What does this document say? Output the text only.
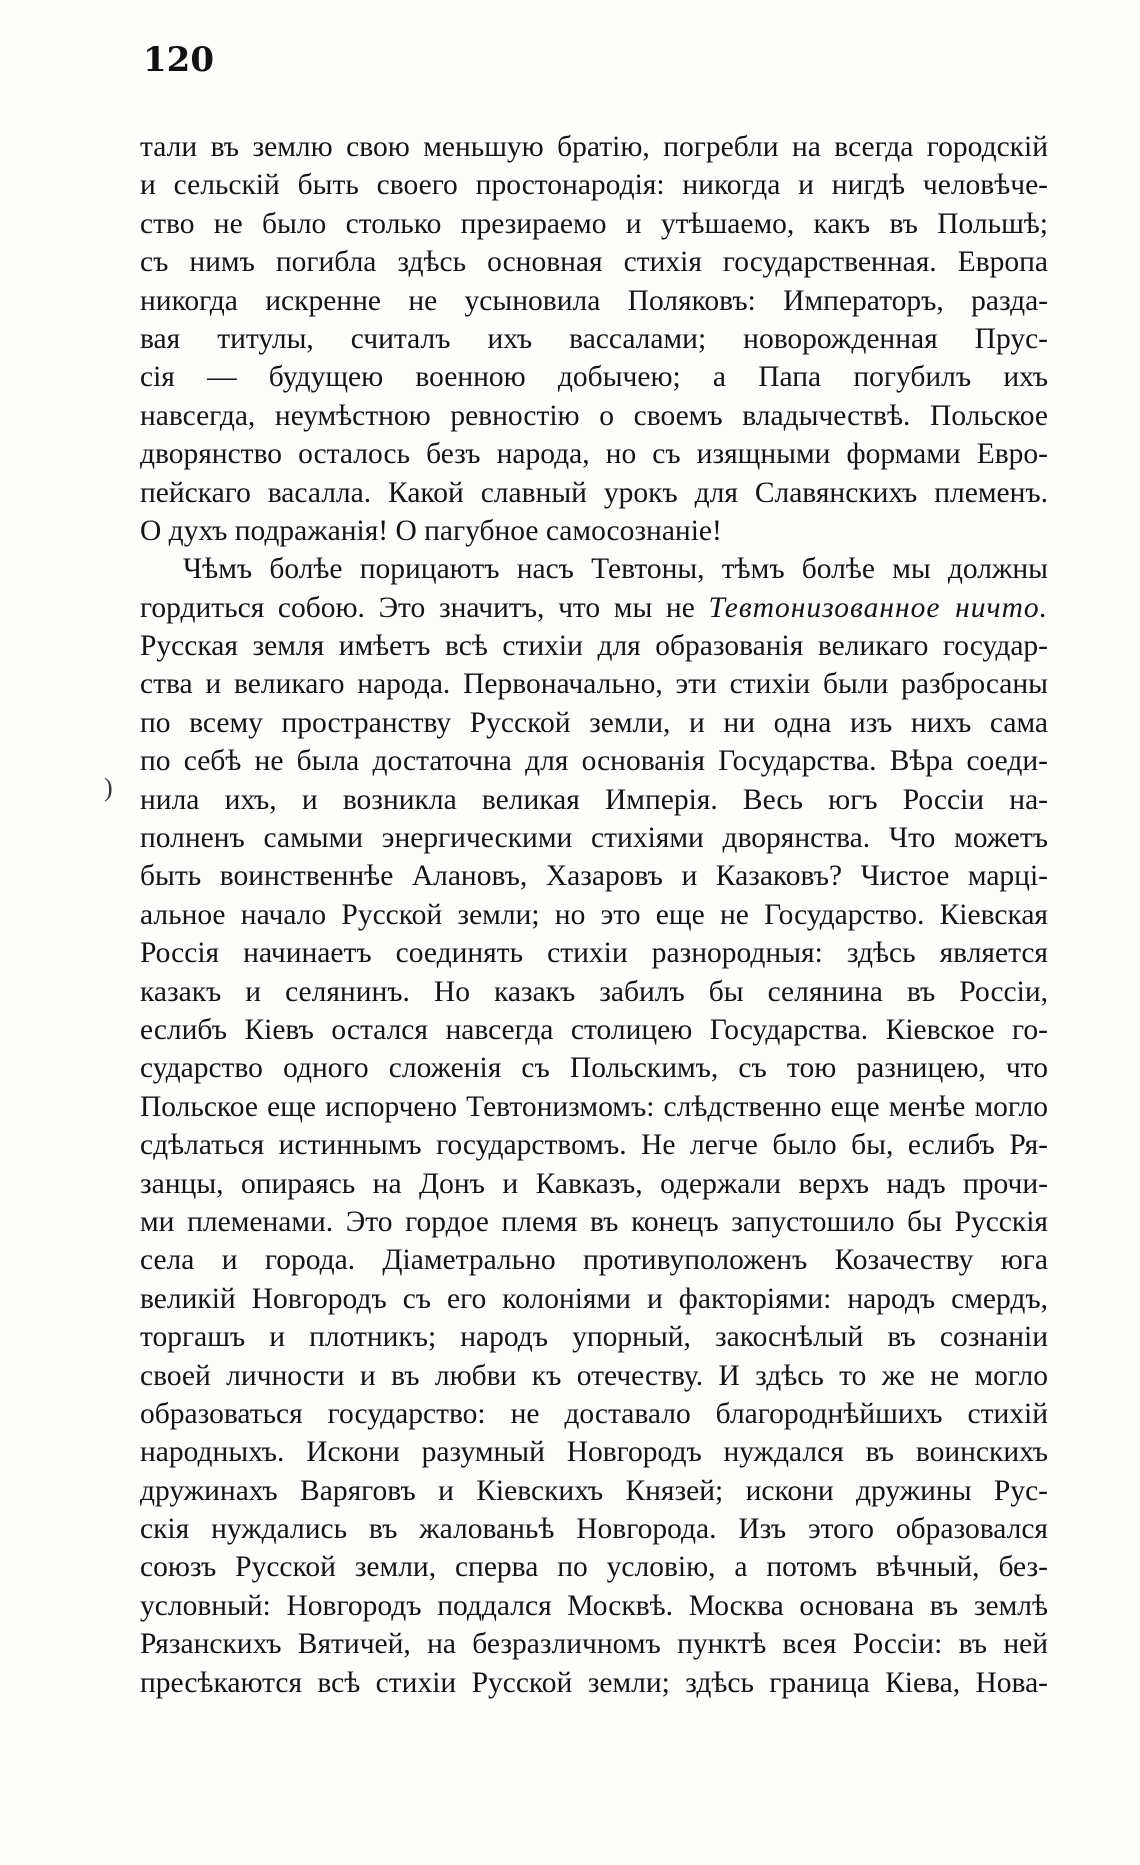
120
тали въ землю свою меньшую братію, погребли на всегда городскій
и сельскій быть своего простонародія: никогда и нигдѣ человѣче-
ство не было столько презираемо и утѣшаемо, какъ въ Польшѣ;
съ нимъ погибла здѣсь основная стихія государственная. Европа
никогда искренне не усыновила Поляковъ: Императоръ, разда-
вая титулы, считалъ ихъ вассалами; новорожденная Прус-
сія — будущею военною добычею; а Папа погубилъ ихъ
навсегда, неумѣстною ревностію о своемъ владычествѣ. Польское
дворянство осталось безъ народа, но съ изящными формами Евро-
пейскаго васалла. Какой славный урокъ для Славянскихъ племенъ.
О духъ подражанія! О пагубное самосознаніе!
Чѣмъ болѣе порицаютъ насъ Тевтоны, тѣмъ болѣе мы должны
гордиться собою. Это значитъ, что мы не Тевтонизованное ничто.
Русская земля имѣетъ всѣ стихіи для образованія великаго государ-
ства и великаго народа. Первоначально, эти стихіи были разбросаны
по всему пространству Русской земли, и ни одна изъ нихъ сама
по себѣ не была достаточна для основанія Государства. Вѣра соеди-
нила ихъ, и возникла великая Имперія. Весь югъ Россіи на-
полненъ самыми энергическими стихіями дворянства. Что можетъ
быть воинственнѣе Алановъ, Хазаровъ и Казаковъ? Чистое марці-
альное начало Русской земли; но это еще не Государство. Кіевская
Россія начинаетъ соединять стихіи разнородныя: здѣсь является
казакъ и селянинъ. Но казакъ забилъ бы селянина въ Россіи,
еслибъ Кіевъ остался навсегда столицею Государства. Кіевское го-
сударство одного сложенія съ Польскимъ, съ тою разницею, что
Польское еще испорчено Тевтонизмомъ: слѣдственно еще менѣе могло
сдѣлаться истиннымъ государствомъ. Не легче было бы, еслибъ Ря-
занцы, опираясь на Донъ и Кавказъ, одержали верхъ надъ прочи-
ми племенами. Это гордое племя въ конецъ запустошило бы Русскія
села и города. Діаметрально противуположенъ Козачеству юга
великій Новгородъ съ его колоніями и факторіями: народъ смердъ,
торгашъ и плотникъ; народъ упорный, закоснѣлый въ сознаніи
своей личности и въ любви къ отечеству. И здѣсь то же не могло
образоваться государство: не доставало благороднѣйшихъ стихій
народныхъ. Искони разумный Новгородъ нуждался въ воинскихъ
дружинахъ Варяговъ и Кіевскихъ Князей; искони дружины Рус-
скія нуждались въ жалованьѣ Новгорода. Изъ этого образовался
союзъ Русской земли, сперва по условію, а потомъ вѣчный, без-
условный: Новгородъ поддался Москвѣ. Москва основана въ землѣ
Рязанскихъ Вятичей, на безразличномъ пунктѣ всея Россіи: въ ней
пресѣкаются всѣ стихіи Русской земли; здѣсь граница Кіева, Нова-
)
